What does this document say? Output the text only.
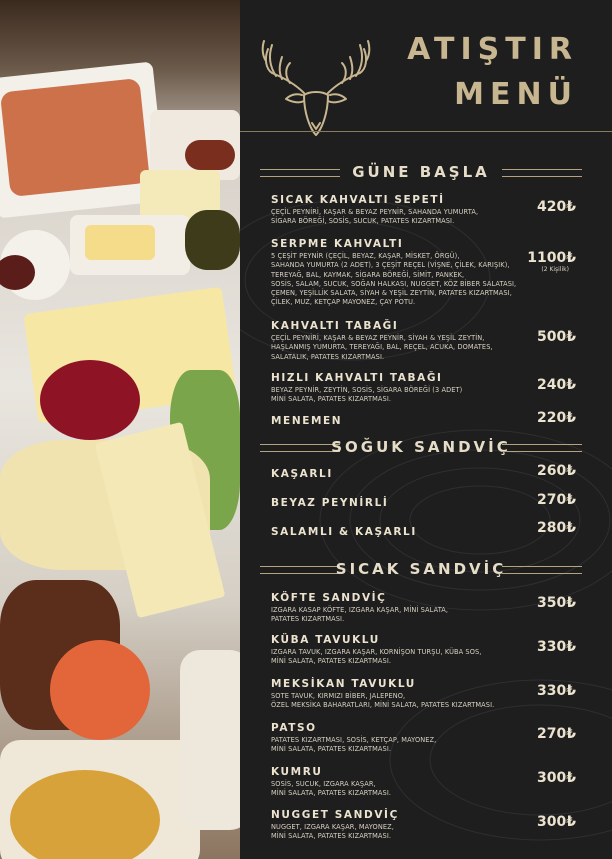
ATIŞTIR
MENÜ
GÜNE BAŞLA
SICAK KAHVALTI SEPETİ
ÇEÇİL PEYNİRİ, KAŞAR & BEYAZ PEYNİR, SAHANDA YUMURTA,
SİGARA BÖREĞİ, SOSİS, SUCUK, PATATES KIZARTMASI.
420₺
SERPME KAHVALTI
5 ÇEŞİT PEYNİR (ÇEÇİL, BEYAZ, KAŞAR, MİSKET, ÖRGÜ),
SAHANDA YUMURTA (2 ADET), 3 ÇEŞİT REÇEL (VİŞNE, ÇİLEK, KARIŞIK),
TEREYAĞ, BAL, KAYMAK, SİGARA BÖREĞİ, SİMİT, PANKEK,
SOSİS, SALAM, SUCUK, SOĞAN HALKASI, NUGGET, KÖZ BİBER SALATASI,
ÇEMEN, YEŞİLLİK SALATA, SİYAH & YEŞİL ZEYTİN, PATATES KIZARTMASI,
ÇİLEK, MUZ, KETÇAP MAYONEZ, ÇAY POTU.
1100₺
(2 Kişilik)
KAHVALTI TABAĞI
ÇEÇİL PEYNİRİ, KAŞAR & BEYAZ PEYNİR, SİYAH & YEŞİL ZEYTİN,
HAŞLANMIŞ YUMURTA, TEREYAĞI, BAL, REÇEL, ACUKA, DOMATES,
SALATALIK, PATATES KIZARTMASI.
500₺
HIZLI KAHVALTI TABAĞI
BEYAZ PEYNİR, ZEYTİN, SOSİS, SİGARA BÖREĞİ (3 ADET)
MİNİ SALATA, PATATES KIZARTMASI.
240₺
MENEMEN	220₺
SOĞUK SANDVİÇ
KAŞARLI	260₺
BEYAZ PEYNİRLİ	270₺
SALAMLI & KAŞARLI	280₺
SICAK SANDVİÇ
KÖFTE SANDVİÇ
IZGARA KASAP KÖFTE, IZGARA KAŞAR, MİNİ SALATA,
PATATES KIZARTMASI.
350₺
KÜBA TAVUKLU
IZGARA TAVUK, IZGARA KAŞAR, KORNİŞON TURŞU, KÜBA SOS,
MİNİ SALATA, PATATES KIZARTMASI.
330₺
MEKSİKAN TAVUKLU
SOTE TAVUK, KIRMIZI BİBER, JALEPENO,
ÖZEL MEKSİKA BAHARATLARI, MİNİ SALATA, PATATES KIZARTMASI.
330₺
PATSO
PATATES KIZARTMASI, SOSİS, KETÇAP, MAYONEZ,
MİNİ SALATA, PATATES KIZARTMASI.
270₺
KUMRU
SOSİS, SUCUK, IZGARA KAŞAR,
MİNİ SALATA, PATATES KIZARTMASI.
300₺
NUGGET SANDVİÇ
NUGGET, IZGARA KAŞAR, MAYONEZ,
MİNİ SALATA, PATATES KIZARTMASI.
300₺
